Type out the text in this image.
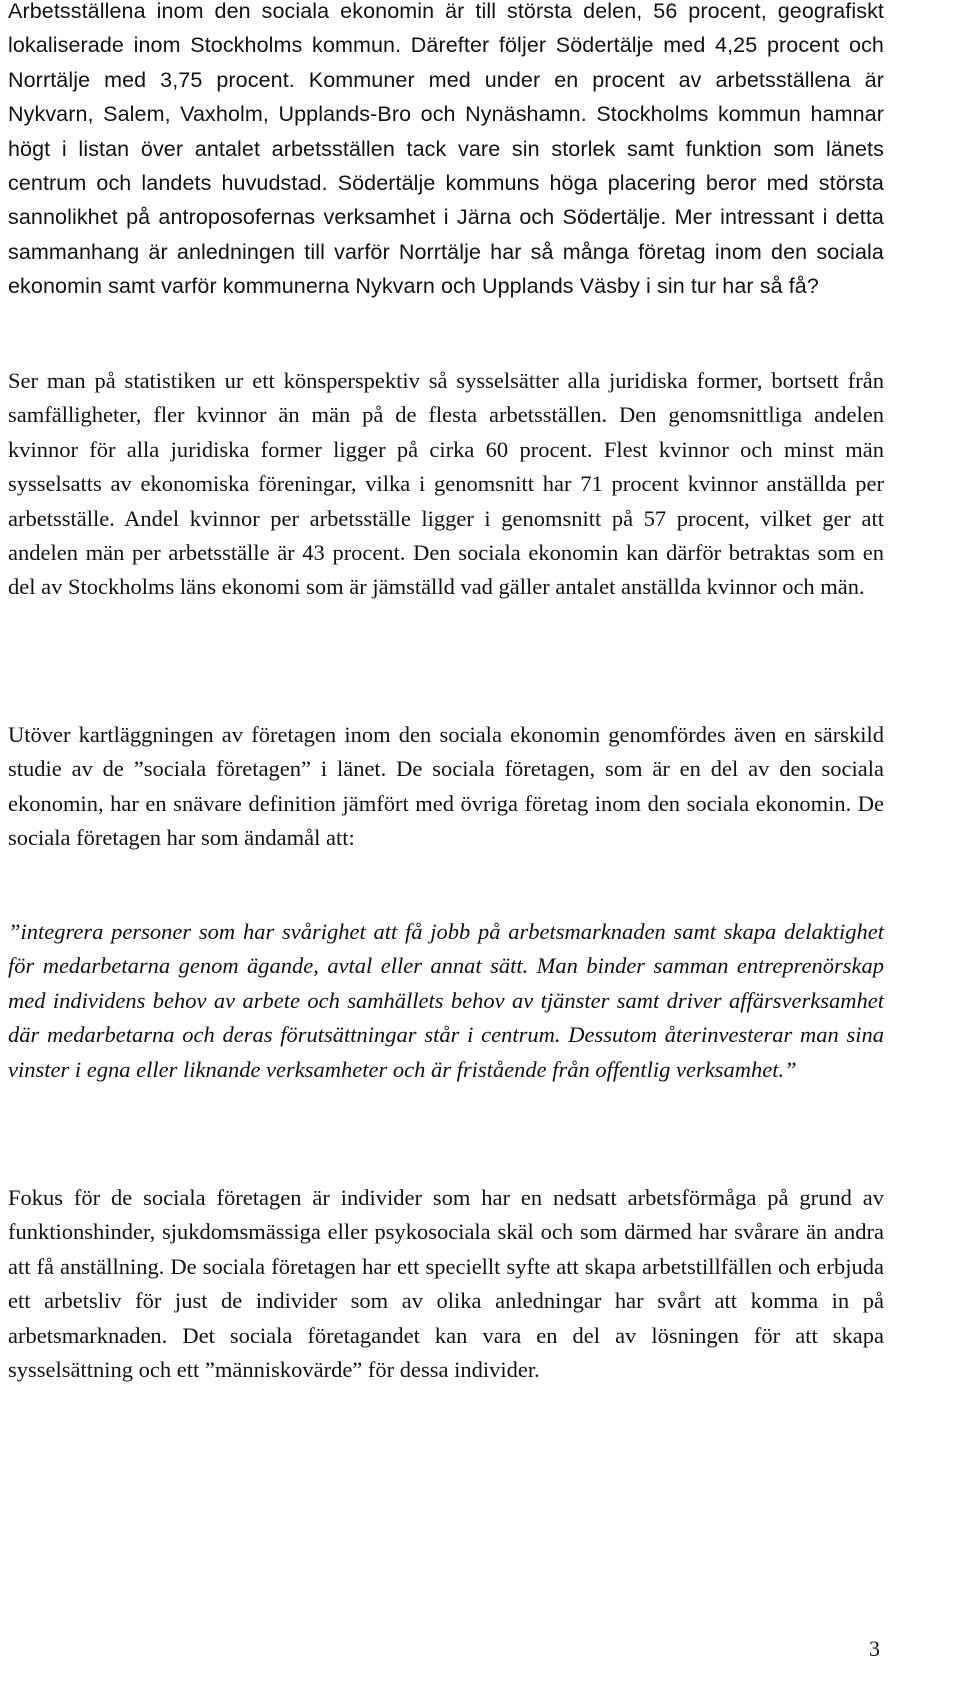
Arbetsställena inom den sociala ekonomin är till största delen, 56 procent, geografiskt lokaliserade inom Stockholms kommun. Därefter följer Södertälje med 4,25 procent och Norrtälje med 3,75 procent. Kommuner med under en procent av arbetsställena är Nykvarn, Salem, Vaxholm, Upplands-Bro och Nynäshamn. Stockholms kommun hamnar högt i listan över antalet arbetsställen tack vare sin storlek samt funktion som länets centrum och landets huvudstad. Södertälje kommuns höga placering beror med största sannolikhet på antroposofernas verksamhet i Järna och Södertälje. Mer intressant i detta sammanhang är anledningen till varför Norrtälje har så många företag inom den sociala ekonomin samt varför kommunerna Nykvarn och Upplands Väsby i sin tur har så få?

Ser man på statistiken ur ett könsperspektiv så sysselsätter alla juridiska former, bortsett från samfälligheter, fler kvinnor än män på de flesta arbetsställen. Den genomsnittliga andelen kvinnor för alla juridiska former ligger på cirka 60 procent. Flest kvinnor och minst män sysselsatts av ekonomiska föreningar, vilka i genomsnitt har 71 procent kvinnor anställda per arbetsställe. Andel kvinnor per arbetsställe ligger i genomsnitt på 57 procent, vilket ger att andelen män per arbetsställe är 43 procent. Den sociala ekonomin kan därför betraktas som en del av Stockholms läns ekonomi som är jämställd vad gäller antalet anställda kvinnor och män.

Utöver kartläggningen av företagen inom den sociala ekonomin genomfördes även en särskild studie av de ”sociala företagen” i länet. De sociala företagen, som är en del av den sociala ekonomin, har en snävare definition jämfört med övriga företag inom den sociala ekonomin. De sociala företagen har som ändamål att:

”integrera personer som har svårighet att få jobb på arbetsmarknaden samt skapa delaktighet för medarbetarna genom ägande, avtal eller annat sätt. Man binder samman entreprenörskap med individens behov av arbete och samhällets behov av tjänster samt driver affärsverksamhet där medarbetarna och deras förutsättningar står i centrum. Dessutom återinvesterar man sina vinster i egna eller liknande verksamheter och är fristående från offentlig verksamhet.”

Fokus för de sociala företagen är individer som har en nedsatt arbetsförmåga på grund av funktionshinder, sjukdomsmässiga eller psykosociala skäl och som därmed har svårare än andra att få anställning. De sociala företagen har ett speciellt syfte att skapa arbetstillfällen och erbjuda ett arbetsliv för just de individer som av olika anledningar har svårt att komma in på arbetsmarknaden. Det sociala företagandet kan vara en del av lösningen för att skapa sysselsättning och ett ”människovärde” för dessa individer.

3
